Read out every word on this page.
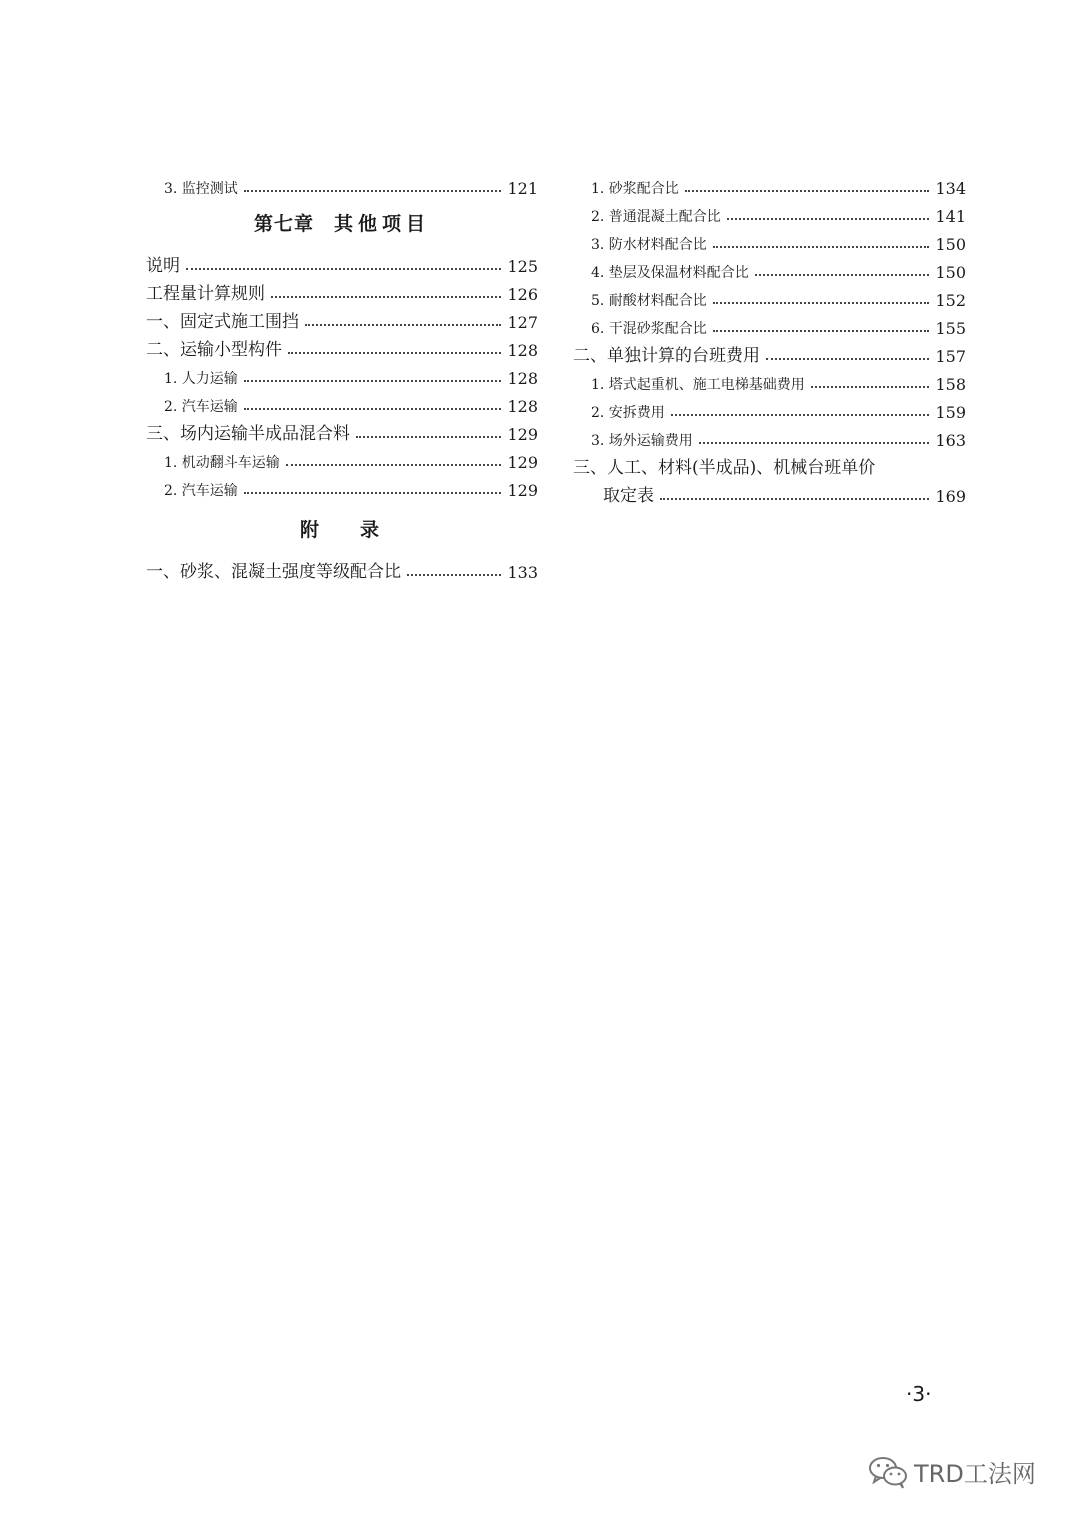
3. 监控测试	121
第七章 其他项目
说明	125
工程量计算规则	126
一、固定式施工围挡	127
二、运输小型构件	128
1. 人力运输	128
2. 汽车运输	128
三、场内运输半成品混合料	129
1. 机动翻斗车运输	129
2. 汽车运输	129
附 录
一、砂浆、混凝土强度等级配合比	133
1. 砂浆配合比	134
2. 普通混凝土配合比	141
3. 防水材料配合比	150
4. 垫层及保温材料配合比	150
5. 耐酸材料配合比	152
6. 干混砂浆配合比	155
二、单独计算的台班费用	157
1. 塔式起重机、施工电梯基础费用	158
2. 安拆费用	159
3. 场外运输费用	163
三、人工、材料(半成品)、机械台班单价
取定表	169
·3·
TRD工法网
